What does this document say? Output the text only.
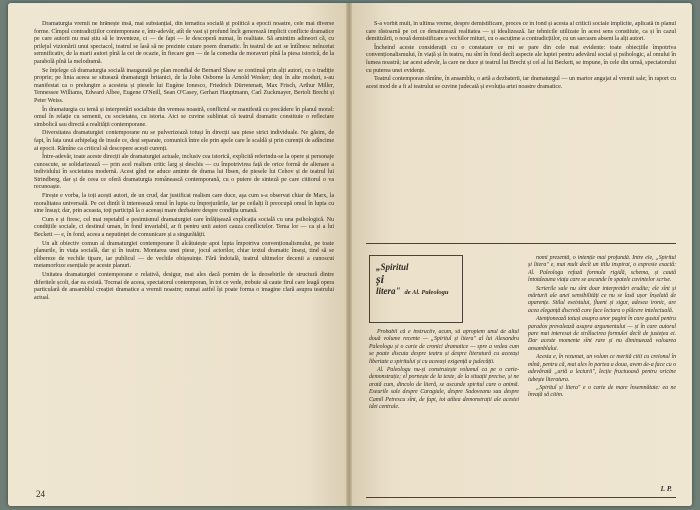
Dramaturgia vremii ne hrănește însă, mai substanțial, din tematica socială și politică a epocii noastre, cele mai diverse forme. Cîmpul contradicțiilor contemporane e, într-adevăr, atît de vast și profund încît generează implicit conflicte dramatice pe care autorii nu mai știu să le inventeze, ci — de fapt — le descoperă numai, în realitate. Să amintim adineori că, cu prilejul vizionării unui spectacol, teatrul se lasă să ne prezinte cutare poem dramatic. În teatrul de azi se întîlnesc neîncetat semnificativ, de la marii autori pînă la cei de ocazie, în fiecare gen — de la comedia de moravuri pînă la piesa istorică, de la parabolă pînă la melodramă.

Se înțelege că dramaturgia socială inaugurată pe plan mondial de Bernard Shaw se continuă prin alți autori, cu o tradiție proprie; pe linia aceea se situează dramaturgii britanici, de la John Osborne la Arnold Wesker; deși în alte moduri, s-au manifestat ca o prelungire a acesteia și piesele lui Eugène Ionesco, Friedrich Dürrenmatt, Max Frisch, Arthur Miller, Tennessee Williams, Edward Albee, Eugene O'Neill, Sean O'Casey, Gerhart Hauptmann, Carl Zuckmayer, Bertolt Brecht și Peter Weiss.

În dramaturgia cu temă și interpretări socialiste din vremea noastră, conflictul se manifestă cu precădere în planul moral: omul în relație cu semenii, cu societatea, cu istoria. Aici se cuvine subliniat că teatrul dramatic constituie o reflectare simbolică sau directă a realității contemporane.

Diversitatea dramaturgiei contemporane nu se pulverizează totuși în direcții sau piese strict individuale. Ne găsim, de fapt, în fața unui arhipelag de insule ce, deși separate, comunică între ele prin apele care le scaldă și prin curenții de adîncime ai epocii. Rămîne ca criticul să descopere acești curenți.

Între-adevăr, toate aceste direcții ale dramaturgiei actuale, inclusiv cea istorică, explicită referindu-se la opere și personaje cunoscute, se solidarizează — prin acel realism critic larg și deschis — cu împotrivirea față de orice formă de alienare a individului în societatea modernă. Acest gînd ne aduce aminte de drama lui Ibsen, de piesele lui Cehov și de teatrul lui Strindberg, dar și de ceea ce oferă dramaturgia românească contemporană, cu o putere de sinteză pe care cititorul o va recunoaște.

Firește e vorba, la toți acești autori, de un crud, dar justificat realism care duce, aşa cum s-a observat chiar de Marx, la moralitatea universală. Pe cei dintîi îi interesează omul în lupta cu împrejurările, iar pe ceilalți îi preocupă omul în lupta cu sine însuși; dar, prin aceasta, toți participă la o aceeași mare dezbatere despre condiția umană.

Cum e și firesc, cel mai repetabil e pesimismul dramaturgiei care înfățișează explicația socială cu una psihologică. Nu condițiile sociale, ci destinul uman, în fond invariabil, ar fi pentru unii autori cauza conflictelor. Tema lor — ca și a lui Beckett — e, în fond, aceea a neputinței de comunicare și a singurătății.

Un alt obiectiv comun al dramaturgiei contemporane îl alcătuiește apoi lupta împotriva convenționalismului, pe toate planurile, în viața socială, dar și în teatru. Montarea unei piese, jocul actorilor, chiar textul dramatic înseși, tind să se elibereze de vechile tipare, iar publicul — de vechile obișnuințe. Fără îndoială, teatrul ultimelor decenii a cunoscut metamorfoze esențiale pe aceste planuri.

Unitatea dramaturgiei contemporane e relativă, desigur, mai ales dacă pornim de la deosebirile de structură dintre diferitele școli, dar ea există. Tocmai de aceea, spectatorul contemporan, în tot ce vede, trebuie să caute firul care leagă opera particulară de ansamblul creației dramatice a vremii noastre; numai astfel își poate forma o imagine clară asupra teatrului actual.

24

S-a vorbit mult, în ultima vreme, despre demistificare, proces ce în fond și acesta al criticii sociale implicite, aplicată în planul care răstoarnă pe cei ce denaturează realitatea — și idealizează. Iar tehnicile utilizate în acest sens constituie, ca și în cazul demitizării, o nouă demistificare a vechilor mituri, cu o ascuțime a contradicțiilor, cu un sarcasm absent la alți autori.

Încheind aceste considerații cu o constatare ce mi se pare din cele mai evidente: toate obiecțiile împotriva convenționalismului, în viață și în teatru, nu sînt în fond decît aspecte ale luptei pentru adevărul social și psihologic, al omului în lumea noastră; iar acest adevăr, la care ne duce și teatrul lui Brecht și cel al lui Beckett, se impune, în cele din urmă, spectatorului cu puterea unei evidențe.

Teatrul contemporan rămîne, în ansamblu, o artă a dezbaterii, iar dramaturgul — un martor angajat al vremii sale; în raport cu acest mod de a fi al teatrului se cuvine judecată și evoluția artei noastre dramatice.

„Spiritul
și
litera" de Al. Paleologu

Probabil că e instructiv, acum, să apropiem unul de altul două volume recente — „Spiritul și litera" al lui Alexandru Paleologu și o carte de cronici dramatice — spre a vedea cum se poate discuta despre teatru și despre literatură cu aceeași libertate a spiritului și cu aceeași exigență a judecății.

Al. Paleologu nu-și construiește volumul ca pe o carte-demonstrație; el pornește de la texte, de la situații precise, și ne arată cum, dincolo de literă, se ascunde spiritul care o animă. Eseurile sale despre Caragiale, despre Sadoveanu sau despre Camil Petrescu sînt, de fapt, tot atîtea demonstrații ale acestei idei centrale.

nomi prezentă, o intenție mai profundă. Între ele, „Spiritul și litera" e, mai mult decît un titlu inspirat, o expresie exactă: Al. Paleologu refuză formula rigidă, schema, și caută întotdeauna viața care se ascunde în spatele cuvintelor scrise.

Scrierile sale nu sînt doar interpretări erudite; ele sînt și mărturii ale unei sensibilități ce nu se lasă ușor înșelată de aparențe. Stilul eseistului, fluent și sigur, adesea ironic, are acea eleganță discretă care face lectura o plăcere intelectuală.

Atenționează totuși asupra unor pagini în care gustul pentru paradox prevalează asupra argumentului — și în care autorul pare mai interesat de strălucirea formulei decît de justețea ei. Dar aceste momente sînt rare și nu diminuează valoarea ansamblului.

Acesta e, în rezumat, un volum ce merită citit cu creionul în mînă, pentru că, mai ales în partea a doua, avem de-a face cu o adevărată „artă a lecturii", lecție fructuoasă pentru oricine iubește literatura.

„Spiritul și litera" e o carte de mare însemnătate: ea ne învață să citim.

I. P.
